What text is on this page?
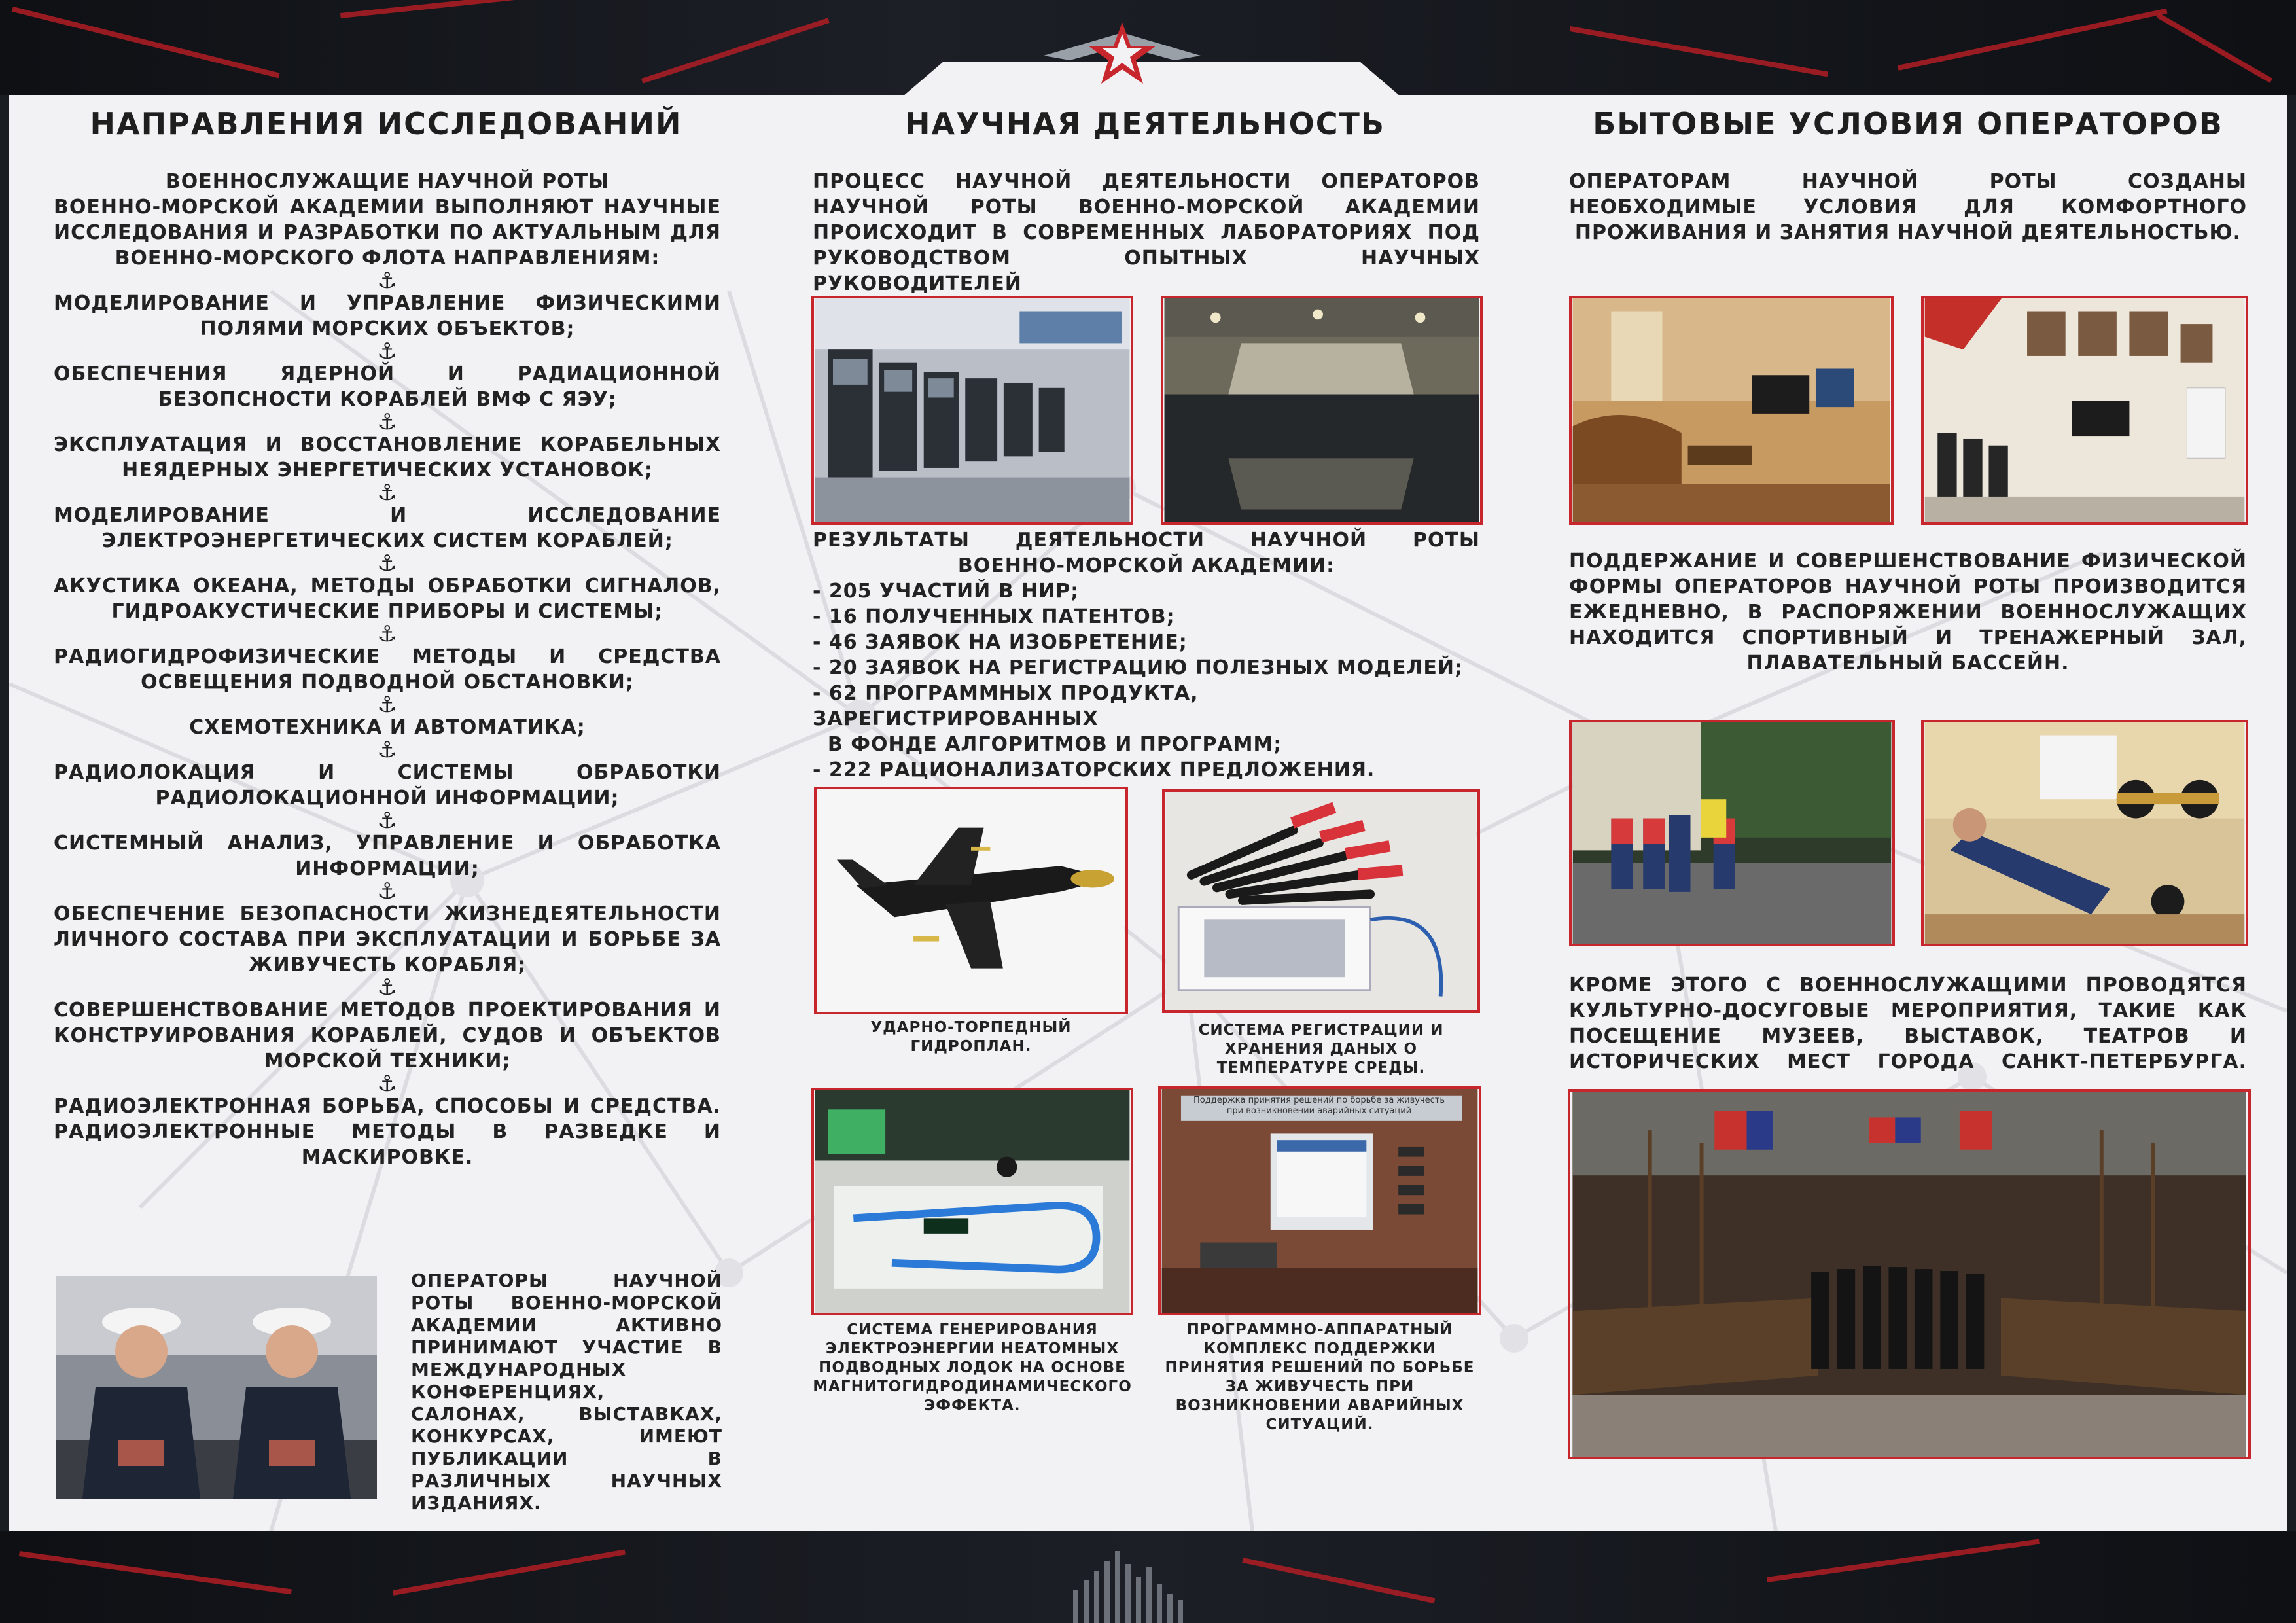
НАПРАВЛЕНИЯ ИССЛЕДОВАНИЙ
ВОЕННОСЛУЖАЩИЕ НАУЧНОЙ РОТЫ
ВОЕННО-МОРСКОЙ АКАДЕМИИ ВЫПОЛНЯЮТ НАУЧНЫЕ ИССЛЕДОВАНИЯ И РАЗРАБОТКИ ПО АКТУАЛЬНЫМ ДЛЯ ВОЕННО-МОРСКОГО ФЛОТА НАПРАВЛЕНИЯМ:
⚓
МОДЕЛИРОВАНИЕ И УПРАВЛЕНИЕ ФИЗИЧЕСКИМИ ПОЛЯМИ МОРСКИХ ОБЪЕКТОВ;
⚓
ОБЕСПЕЧЕНИЯ ЯДЕРНОЙ И РАДИАЦИОННОЙ БЕЗОПСНОСТИ КОРАБЛЕЙ ВМФ С ЯЭУ;
⚓
ЭКСПЛУАТАЦИЯ И ВОССТАНОВЛЕНИЕ КОРАБЕЛЬНЫХ НЕЯДЕРНЫХ ЭНЕРГЕТИЧЕСКИХ УСТАНОВОК;
⚓
МОДЕЛИРОВАНИЕ И ИССЛЕДОВАНИЕ ЭЛЕКТРОЭНЕРГЕТИЧЕСКИХ СИСТЕМ КОРАБЛЕЙ;
⚓
АКУСТИКА ОКЕАНА, МЕТОДЫ ОБРАБОТКИ СИГНАЛОВ, ГИДРОАКУСТИЧЕСКИЕ ПРИБОРЫ И СИСТЕМЫ;
⚓
РАДИОГИДРОФИЗИЧЕСКИЕ МЕТОДЫ И СРЕДСТВА ОСВЕЩЕНИЯ ПОДВОДНОЙ ОБСТАНОВКИ;
⚓
СХЕМОТЕХНИКА И АВТОМАТИКА;
⚓
РАДИОЛОКАЦИЯ И СИСТЕМЫ ОБРАБОТКИ РАДИОЛОКАЦИОННОЙ ИНФОРМАЦИИ;
⚓
СИСТЕМНЫЙ АНАЛИЗ, УПРАВЛЕНИЕ И ОБРАБОТКА ИНФОРМАЦИИ;
⚓
ОБЕСПЕЧЕНИЕ БЕЗОПАСНОСТИ ЖИЗНЕДЕЯТЕЛЬНОСТИ ЛИЧНОГО СОСТАВА ПРИ ЭКСПЛУАТАЦИИ И БОРЬБЕ ЗА ЖИВУЧЕСТЬ КОРАБЛЯ;
⚓
СОВЕРШЕНСТВОВАНИЕ МЕТОДОВ ПРОЕКТИРОВАНИЯ И КОНСТРУИРОВАНИЯ КОРАБЛЕЙ, СУДОВ И ОБЪЕКТОВ МОРСКОЙ ТЕХНИКИ;
⚓
РАДИОЭЛЕКТРОННАЯ БОРЬБА, СПОСОБЫ И СРЕДСТВА. РАДИОЭЛЕКТРОННЫЕ МЕТОДЫ В РАЗВЕДКЕ И МАСКИРОВКЕ.
ОПЕРАТОРЫ НАУЧНОЙ РОТЫ ВОЕННО-МОРСКОЙ АКАДЕМИИ АКТИВНО ПРИНИМАЮТ УЧАСТИЕ В МЕЖДУНАРОДНЫХ КОНФЕРЕНЦИЯХ, САЛОНАХ, ВЫСТАВКАХ, КОНКУРСАХ, ИМЕЮТ ПУБЛИКАЦИИ В РАЗЛИЧНЫХ НАУЧНЫХ ИЗДАНИЯХ.
НАУЧНАЯ ДЕЯТЕЛЬНОСТЬ
ПРОЦЕСС НАУЧНОЙ ДЕЯТЕЛЬНОСТИ ОПЕРАТОРОВ НАУЧНОЙ РОТЫ ВОЕННО-МОРСКОЙ АКАДЕМИИ ПРОИСХОДИТ В СОВРЕМЕННЫХ ЛАБОРАТОРИЯХ ПОД РУКОВОДСТВОМ ОПЫТНЫХ НАУЧНЫХ РУКОВОДИТЕЛЕЙ
РЕЗУЛЬТАТЫ ДЕЯТЕЛЬНОСТИ НАУЧНОЙ РОТЫ ВОЕННО-МОРСКОЙ АКАДЕМИИ:
- 205 УЧАСТИЙ В НИР;
- 16 ПОЛУЧЕННЫХ ПАТЕНТОВ;
- 46 ЗАЯВОК НА ИЗОБРЕТЕНИЕ;
- 20 ЗАЯВОК НА РЕГИСТРАЦИЮ ПОЛЕЗНЫХ МОДЕЛЕЙ;
- 62 ПРОГРАММНЫХ ПРОДУКТА, ЗАРЕГИСТРИРОВАННЫХ
В ФОНДЕ АЛГОРИТМОВ И ПРОГРАММ;
- 222 РАЦИОНАЛИЗАТОРСКИХ ПРЕДЛОЖЕНИЯ.
УДАРНО-ТОРПЕДНЫЙ ГИДРОПЛАН.
СИСТЕМА РЕГИСТРАЦИИ И ХРАНЕНИЯ ДАНЫХ О ТЕМПЕРАТУРЕ СРЕДЫ.
СИСТЕМА ГЕНЕРИРОВАНИЯ ЭЛЕКТРОЭНЕРГИИ НЕАТОМНЫХ ПОДВОДНЫХ ЛОДОК НА ОСНОВЕ МАГНИТОГИДРОДИНАМИЧЕСКОГО ЭФФЕКТА.
Поддержка принятия решений по борьбе за живучесть при возникновении аварийных ситуаций
ПРОГРАММНО-АППАРАТНЫЙ КОМПЛЕКС ПОДДЕРЖКИ ПРИНЯТИЯ РЕШЕНИЙ ПО БОРЬБЕ ЗА ЖИВУЧЕСТЬ ПРИ ВОЗНИКНОВЕНИИ АВАРИЙНЫХ СИТУАЦИЙ.
БЫТОВЫЕ УСЛОВИЯ ОПЕРАТОРОВ
ОПЕРАТОРАМ НАУЧНОЙ РОТЫ СОЗДАНЫ НЕОБХОДИМЫЕ УСЛОВИЯ ДЛЯ КОМФОРТНОГО ПРОЖИВАНИЯ И ЗАНЯТИЯ НАУЧНОЙ ДЕЯТЕЛЬНОСТЬЮ.
ПОДДЕРЖАНИЕ И СОВЕРШЕНСТВОВАНИЕ ФИЗИЧЕСКОЙ ФОРМЫ ОПЕРАТОРОВ НАУЧНОЙ РОТЫ ПРОИЗВОДИТСЯ ЕЖЕДНЕВНО, В РАСПОРЯЖЕНИИ ВОЕННОСЛУЖАЩИХ НАХОДИТСЯ СПОРТИВНЫЙ И ТРЕНАЖЕРНЫЙ ЗАЛ,
ПЛАВАТЕЛЬНЫЙ БАССЕЙН.
КРОМЕ ЭТОГО С ВОЕННОСЛУЖАЩИМИ ПРОВОДЯТСЯ КУЛЬТУРНО-ДОСУГОВЫЕ МЕРОПРИЯТИЯ, ТАКИЕ КАК ПОСЕЩЕНИЕ МУЗЕЕВ, ВЫСТАВОК, ТЕАТРОВ И ИСТОРИЧЕСКИХ МЕСТ ГОРОДА САНКТ-ПЕТЕРБУРГА.
